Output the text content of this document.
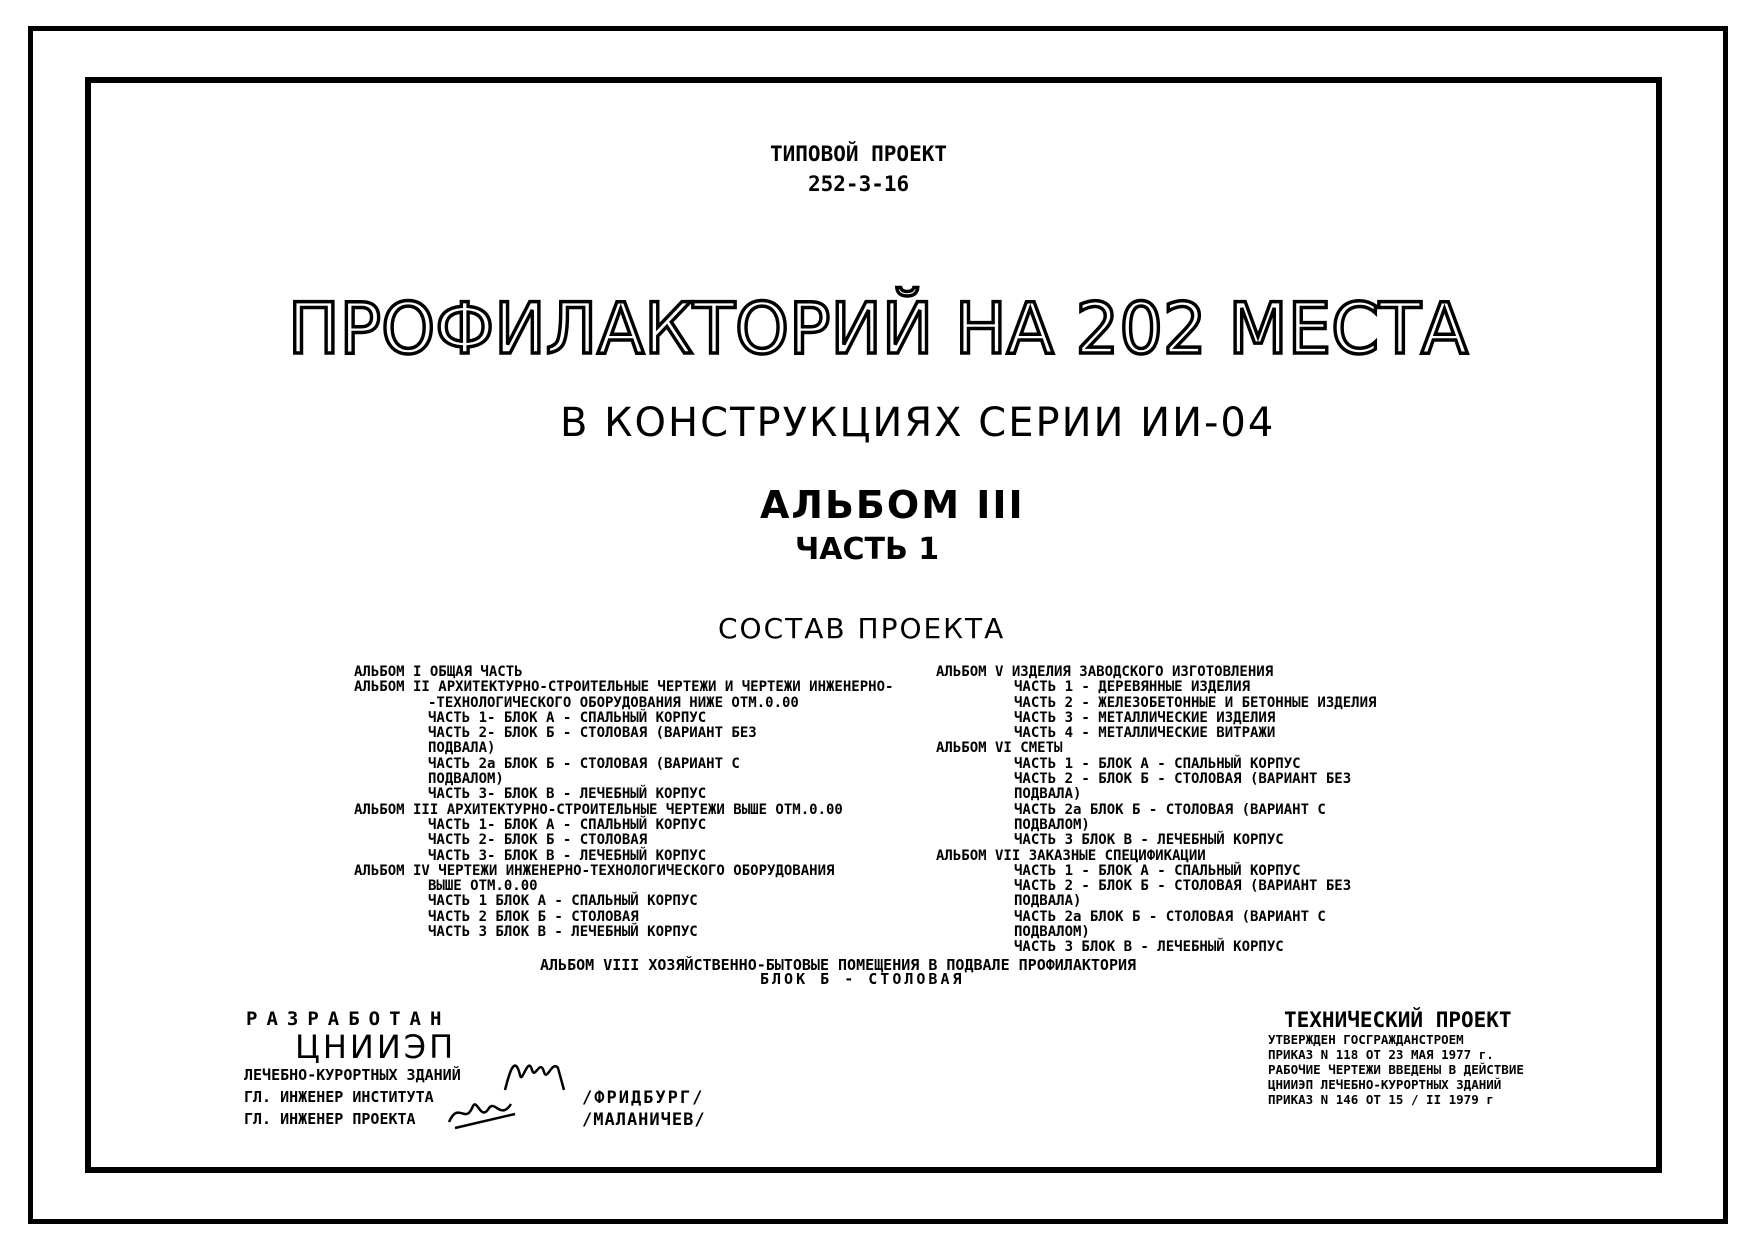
ТИПОВОЙ ПРОЕКТ
252-3-16
ПРОФИЛАКТОРИЙ НА 202 МЕСТА
В КОНСТРУКЦИЯХ СЕРИИ ИИ-04
АЛЬБОМ III
ЧАСТЬ 1
СОСТАВ ПРОЕКТА
АЛЬБОМ I ОБЩАЯ ЧАСТЬ
АЛЬБОМ II АРХИТЕКТУРНО-СТРОИТЕЛЬНЫЕ ЧЕРТЕЖИ И ЧЕРТЕЖИ ИНЖЕНЕРНО-
-ТЕХНОЛОГИЧЕСКОГО ОБОРУДОВАНИЯ НИЖЕ ОТМ.0.00
ЧАСТЬ 1- БЛОК А - СПАЛЬНЫЙ КОРПУС
ЧАСТЬ 2- БЛОК Б - СТОЛОВАЯ (ВАРИАНТ БЕЗ
ПОДВАЛА)
ЧАСТЬ 2а БЛОК Б - СТОЛОВАЯ (ВАРИАНТ С
ПОДВАЛОМ)
ЧАСТЬ 3- БЛОК В - ЛЕЧЕБНЫЙ КОРПУС
АЛЬБОМ III АРХИТЕКТУРНО-СТРОИТЕЛЬНЫЕ ЧЕРТЕЖИ ВЫШЕ ОТМ.0.00
ЧАСТЬ 1- БЛОК А - СПАЛЬНЫЙ КОРПУС
ЧАСТЬ 2- БЛОК Б - СТОЛОВАЯ
ЧАСТЬ 3- БЛОК В - ЛЕЧЕБНЫЙ КОРПУС
АЛЬБОМ IV ЧЕРТЕЖИ ИНЖЕНЕРНО-ТЕХНОЛОГИЧЕСКОГО ОБОРУДОВАНИЯ
ВЫШЕ ОТМ.0.00
ЧАСТЬ 1 БЛОК А - СПАЛЬНЫЙ КОРПУС
ЧАСТЬ 2 БЛОК Б - СТОЛОВАЯ
ЧАСТЬ 3 БЛОК В - ЛЕЧЕБНЫЙ КОРПУС
АЛЬБОМ V ИЗДЕЛИЯ ЗАВОДСКОГО ИЗГОТОВЛЕНИЯ
ЧАСТЬ 1 - ДЕРЕВЯННЫЕ ИЗДЕЛИЯ
ЧАСТЬ 2 - ЖЕЛЕЗОБЕТОННЫЕ И БЕТОННЫЕ ИЗДЕЛИЯ
ЧАСТЬ 3 - МЕТАЛЛИЧЕСКИЕ ИЗДЕЛИЯ
ЧАСТЬ 4 - МЕТАЛЛИЧЕСКИЕ ВИТРАЖИ
АЛЬБОМ VI СМЕТЫ
ЧАСТЬ 1 - БЛОК А - СПАЛЬНЫЙ КОРПУС
ЧАСТЬ 2 - БЛОК Б - СТОЛОВАЯ (ВАРИАНТ БЕЗ
ПОДВАЛА)
ЧАСТЬ 2а БЛОК Б - СТОЛОВАЯ (ВАРИАНТ С
ПОДВАЛОМ)
ЧАСТЬ 3 БЛОК В - ЛЕЧЕБНЫЙ КОРПУС
АЛЬБОМ VII ЗАКАЗНЫЕ СПЕЦИФИКАЦИИ
ЧАСТЬ 1 - БЛОК А - СПАЛЬНЫЙ КОРПУС
ЧАСТЬ 2 - БЛОК Б - СТОЛОВАЯ (ВАРИАНТ БЕЗ
ПОДВАЛА)
ЧАСТЬ 2а БЛОК Б - СТОЛОВАЯ (ВАРИАНТ С
ПОДВАЛОМ)
ЧАСТЬ 3 БЛОК В - ЛЕЧЕБНЫЙ КОРПУС
АЛЬБОМ VIII ХОЗЯЙСТВЕННО-БЫТОВЫЕ ПОМЕЩЕНИЯ В ПОДВАЛЕ ПРОФИЛАКТОРИЯ
БЛОК Б - СТОЛОВАЯ
РАЗРАБОТАН
ЦНИИЭП
ЛЕЧЕБНО-КУРОРТНЫХ ЗДАНИЙ
ГЛ. ИНЖЕНЕР ИНСТИТУТА
ГЛ. ИНЖЕНЕР ПРОЕКТА
/ФРИДБУРГ/
/МАЛАНИЧЕВ/
ТЕХНИЧЕСКИЙ ПРОЕКТ
УТВЕРЖДЕН ГОСГРАЖДАНСТРОЕМ
ПРИКАЗ N 118 ОТ 23 МАЯ 1977 г.
РАБОЧИЕ ЧЕРТЕЖИ ВВЕДЕНЫ В ДЕЙСТВИЕ
ЦНИИЭП ЛЕЧЕБНО-КУРОРТНЫХ ЗДАНИЙ
ПРИКАЗ N 146 ОТ 15 / II 1979 г
